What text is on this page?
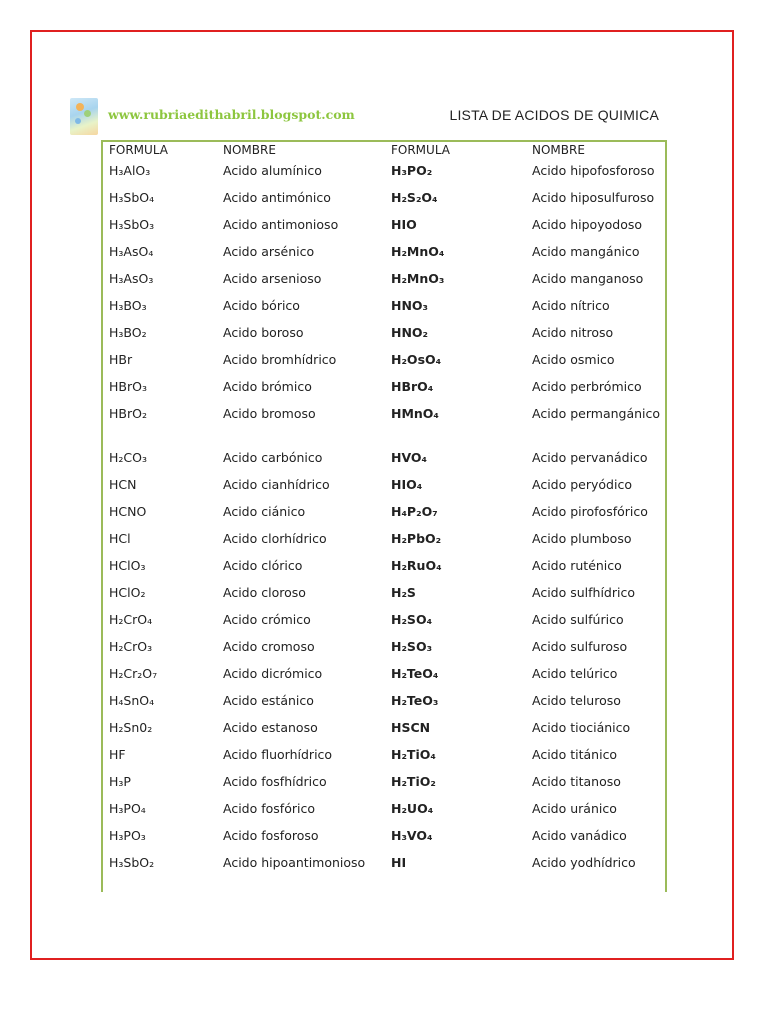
www.rubriaedithabril.blogspot.com	LISTA DE ACIDOS DE QUIMICA
FORMULA	NOMBRE	FORMULA	NOMBRE
H₃AlO₃	Acido alumínico	H₃PO₂	Acido hipofosforoso
H₃SbO₄	Acido antimónico	H₂S₂O₄	Acido hiposulfuroso
H₃SbO₃	Acido antimonioso	HIO	Acido hipoyodoso
H₃AsO₄	Acido arsénico	H₂MnO₄	Acido mangánico
H₃AsO₃	Acido arsenioso	H₂MnO₃	Acido manganoso
H₃BO₃	Acido bórico	HNO₃	Acido nítrico
H₃BO₂	Acido boroso	HNO₂	Acido nitroso
HBr	Acido bromhídrico	H₂OsO₄	Acido osmico
HBrO₃	Acido brómico	HBrO₄	Acido perbrómico
HBrO₂	Acido bromoso	HMnO₄	Acido permangánico
H₂CO₃	Acido carbónico	HVO₄	Acido pervanádico
HCN	Acido cianhídrico	HIO₄	Acido peryódico
HCNO	Acido ciánico	H₄P₂O₇	Acido pirofosfórico
HCl	Acido clorhídrico	H₂PbO₂	Acido plumboso
HClO₃	Acido clórico	H₂RuO₄	Acido ruténico
HClO₂	Acido cloroso	H₂S	Acido sulfhídrico
H₂CrO₄	Acido crómico	H₂SO₄	Acido sulfúrico
H₂CrO₃	Acido cromoso	H₂SO₃	Acido sulfuroso
H₂Cr₂O₇	Acido dicrómico	H₂TeO₄	Acido telúrico
H₄SnO₄	Acido estánico	H₂TeO₃	Acido teluroso
H₂Sn0₂	Acido estanoso	HSCN	Acido tiociánico
HF	Acido fluorhídrico	H₂TiO₄	Acido titánico
H₃P	Acido fosfhídrico	H₂TiO₂	Acido titanoso
H₃PO₄	Acido fosfórico	H₂UO₄	Acido uránico
H₃PO₃	Acido fosforoso	H₃VO₄	Acido vanádico
H₃SbO₂	Acido hipoantimonioso	HI	Acido yodhídrico
